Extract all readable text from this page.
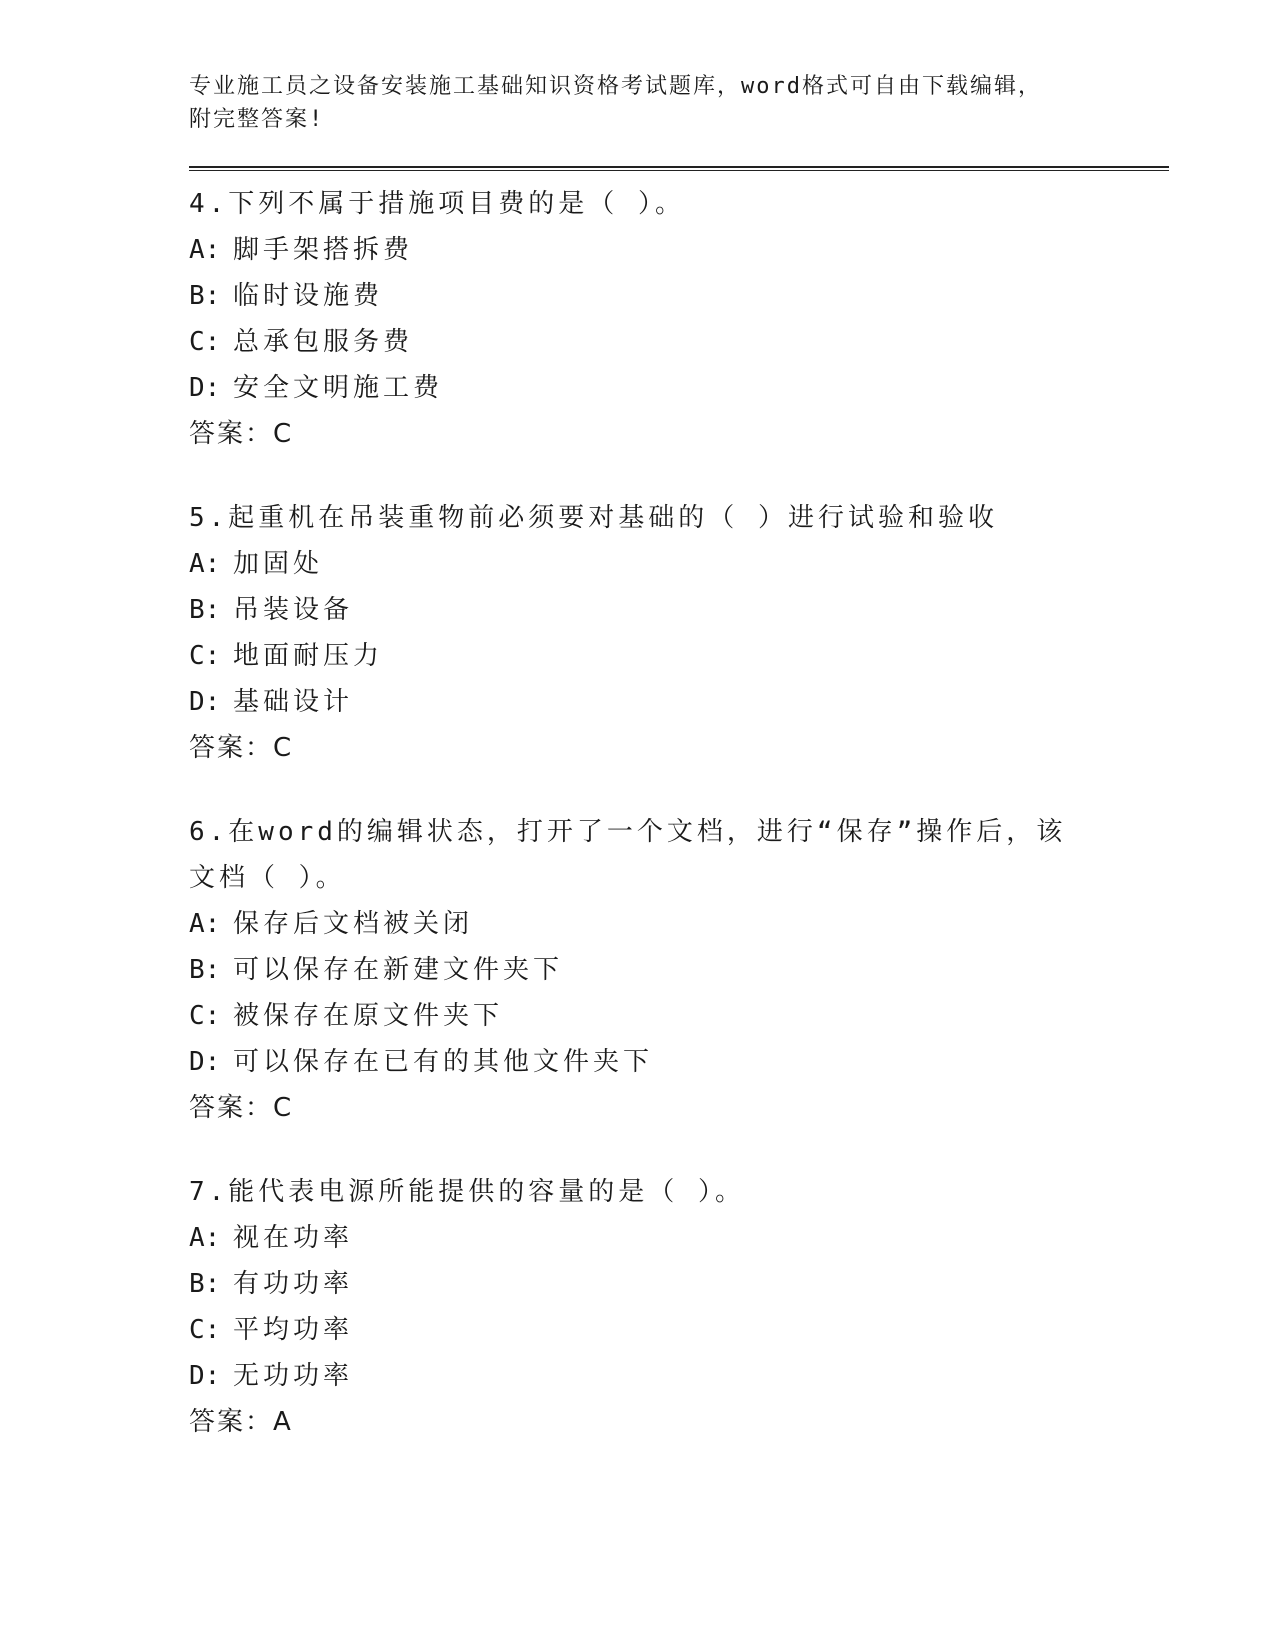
专业施工员之设备安装施工基础知识资格考试题库，word格式可自由下载编辑，

附完整答案!

4.下列不属于措施项目费的是（ ）。
A: 脚手架搭拆费
B: 临时设施费
C: 总承包服务费
D: 安全文明施工费
答案：C
5.起重机在吊装重物前必须要对基础的（ ）进行试验和验收
A: 加固处
B: 吊装设备
C: 地面耐压力
D: 基础设计
答案：C
6.在word的编辑状态，打开了一个文档，进行“保存”操作后，该文档（ ）。
A: 保存后文档被关闭
B: 可以保存在新建文件夹下
C: 被保存在原文件夹下
D: 可以保存在已有的其他文件夹下
答案：C
7.能代表电源所能提供的容量的是（ ）。
A: 视在功率
B: 有功功率
C: 平均功率
D: 无功功率
答案：A
